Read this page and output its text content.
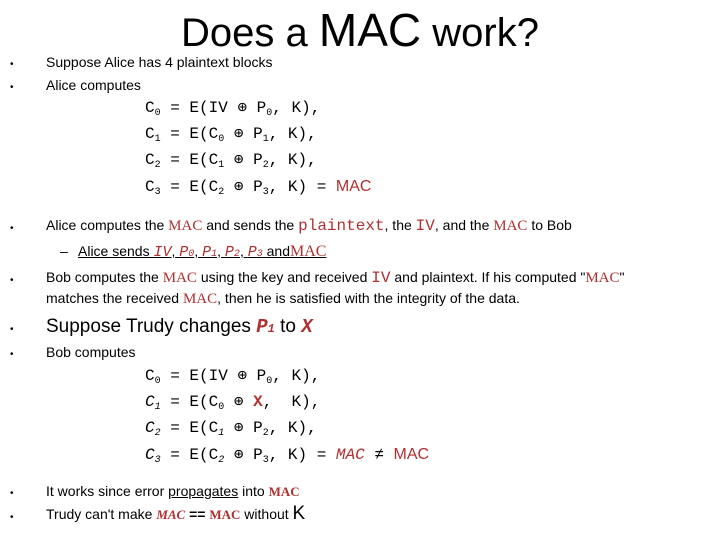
Does a MAC work?
• Suppose Alice has 4 plaintext blocks
• Alice computes
$C_0 = E(IV$ ⊕ $P_0$, K),
$C_1 = E(C_0$ ⊕ $P_1$, K),
$C_2 = E(C_1$ ⊕ $P_2$, K),
$C_3 = E(C_2$ ⊕ $P_3$, K) = MAC
• Alice computes the MAC and sends the plaintext, the IV, and the MAC to Bob
– Alice sends IV, P0, P1, P2, P3 andMAC
• Bob computes the MAC using the key and received IV and plaintext. If his computed "MAC"
matches the received MAC, then he is satisfied with the integrity of the data.
• Suppose Trudy changes P1 to X
• Bob computes
$C_0 = E(IV$ ⊕ $P_0$, K),
$C_1 = E(C_0$ ⊕ X,  K),
$C_2 = E(C_1$ ⊕ $P_2$, K),
$C_3 = E(C_2$ ⊕ $P_3$, K) = MAC ≠ MAC
• It works since error propagates into MAC
• Trudy can't make MAC == MAC without K
